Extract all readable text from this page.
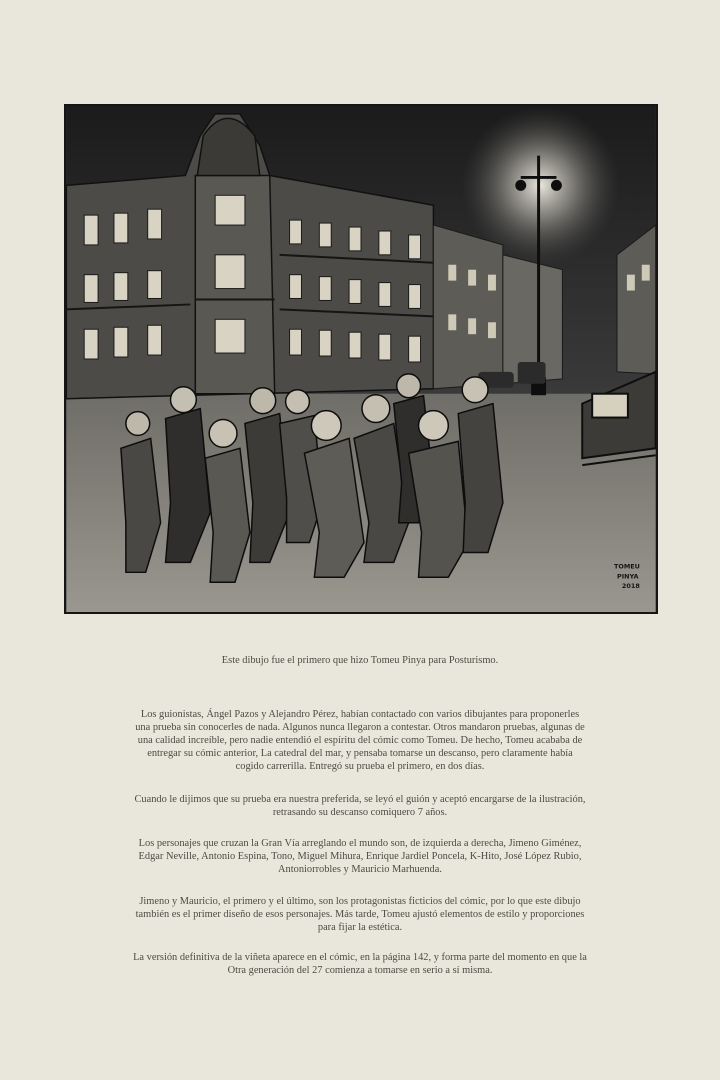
TOMEU
PINYA
2018

Este dibujo fue el primero que hizo Tomeu Pinya para Posturismo.

Los guionistas, Ángel Pazos y Alejandro Pérez, habían contactado con varios dibujantes para proponerles

una prueba sin conocerles de nada. Algunos nunca llegaron a contestar. Otros mandaron pruebas, algunas de

una calidad increíble, pero nadie entendió el espíritu del cómic como Tomeu. De hecho, Tomeu acababa de

entregar su cómic anterior, La catedral del mar, y pensaba tomarse un descanso, pero claramente había

cogido carrerilla. Entregó su prueba el primero, en dos días.

Cuando le dijimos que su prueba era nuestra preferida, se leyó el guión y aceptó encargarse de la ilustración,

retrasando su descanso comiquero 7 años.

Los personajes que cruzan la Gran Vía arreglando el mundo son, de izquierda a derecha, Jimeno Giménez,

Edgar Neville, Antonio Espina, Tono, Miguel Mihura, Enrique Jardiel Poncela, K-Hito, José López Rubio,

Antoniorrobles y Mauricio Marhuenda.

Jimeno y Mauricio, el primero y el último, son los protagonistas ficticios del cómic, por lo que este dibujo

también es el primer diseño de esos personajes. Más tarde, Tomeu ajustó elementos de estilo y proporciones

para fijar la estética.

La versión definitiva de la viñeta aparece en el cómic, en la página 142, y forma parte del momento en que la

Otra generación del 27 comienza a tomarse en serio a sí misma.
